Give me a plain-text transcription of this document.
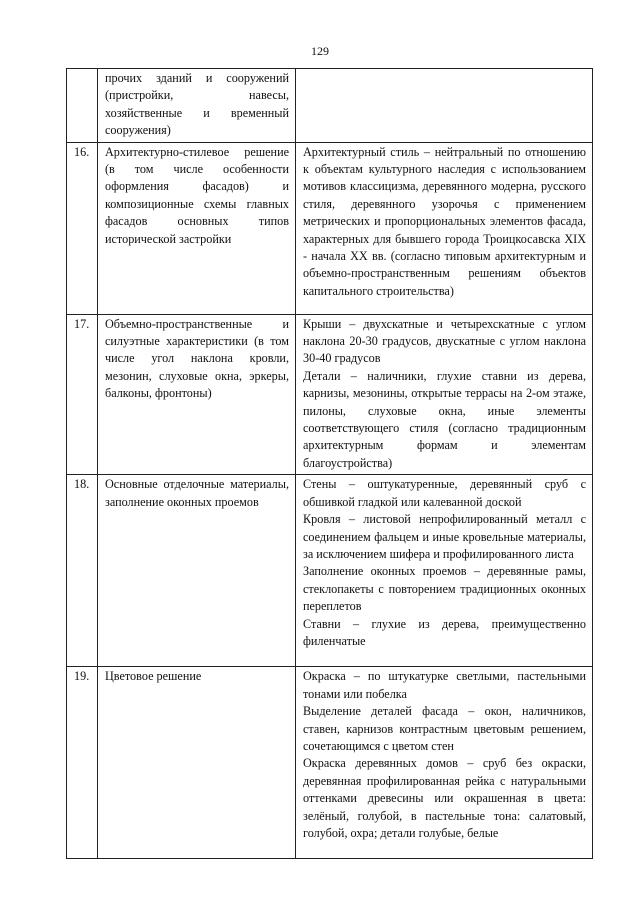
129

	прочих зданий и сооружений (пристройки, навесы, хозяйственные и временный сооружения)	

16.	Архитектурно-стилевое решение (в том числе особенности оформления фасадов) и композиционные схемы главных фасадов основных типов исторической застройки	Архитектурный стиль – нейтральный по отношению к объектам культурного наследия с использованием мотивов классицизма, деревянного модерна, русского стиля, деревянного узорочья с применением метрических и пропорциональных элементов фасада, характерных для бывшего города Троицкосавска XIX - начала XX вв. (согласно типовым архитектурным и объемно-пространственным решениям объектов капитального строительства)

17.	Объемно-пространственные и силуэтные характеристики (в том числе угол наклона кровли, мезонин, слуховые окна, эркеры, балконы, фронтоны)	Крыши – двухскатные и четырехскатные с углом наклона 20-30 градусов, двускатные с углом наклона 30-40 градусов
Детали – наличники, глухие ставни из дерева, карнизы, мезонины, открытые террасы на 2-ом этаже, пилоны, слуховые окна, иные элементы соответствующего стиля (согласно традиционным архитектурным формам и элементам благоустройства)

18.	Основные отделочные материалы, заполнение оконных проемов	Стены – оштукатуренные, деревянный сруб с обшивкой гладкой или калеванной доской
Кровля – листовой непрофилированный металл с соединением фальцем и иные кровельные материалы, за исключением шифера и профилированного листа
Заполнение оконных проемов – деревянные рамы, стеклопакеты с повторением традиционных оконных переплетов
Ставни – глухие из дерева, преимущественно филенчатые

19.	Цветовое решение	Окраска – по штукатурке светлыми, пастельными тонами или побелка
Выделение деталей фасада – окон, наличников, ставен, карнизов контрастным цветовым решением, сочетающимся с цветом стен
Окраска деревянных домов – сруб без окраски, деревянная профилированная рейка с натуральными оттенками древесины или окрашенная в цвета: зелёный, голубой, в пастельные тона: салатовый, голубой, охра; детали голубые, белые
